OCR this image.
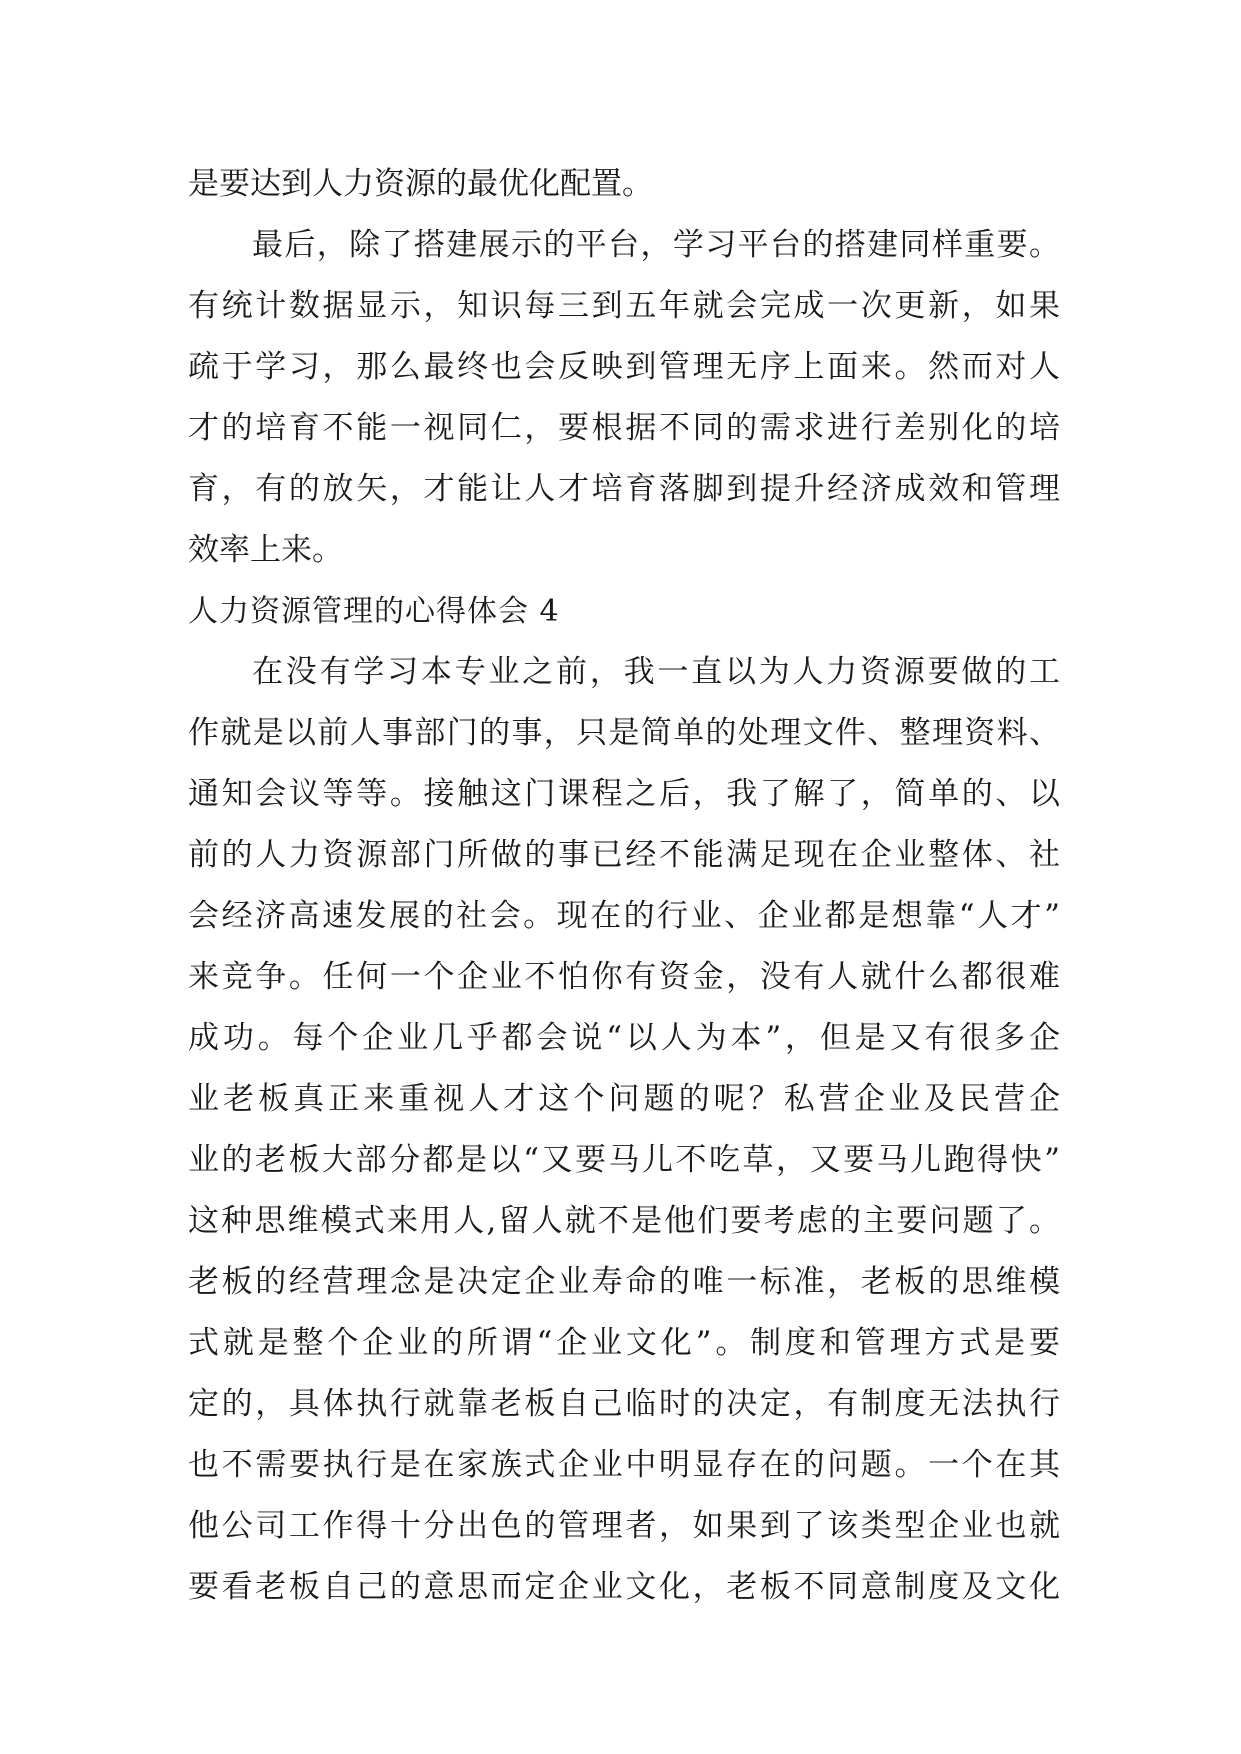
是要达到人力资源的最优化配置。
最后，除了搭建展示的平台，学习平台的搭建同样重要。
有统计数据显示，知识每三到五年就会完成一次更新，如果
疏于学习，那么最终也会反映到管理无序上面来。然而对人
才的培育不能一视同仁，要根据不同的需求进行差别化的培
育，有的放矢，才能让人才培育落脚到提升经济成效和管理
效率上来。
人力资源管理的心得体会 4
在没有学习本专业之前，我一直以为人力资源要做的工
作就是以前人事部门的事，只是简单的处理文件、整理资料、
通知会议等等。接触这门课程之后，我了解了，简单的、以
前的人力资源部门所做的事已经不能满足现在企业整体、社
会经济高速发展的社会。现在的行业、企业都是想靠“人才”
来竞争。任何一个企业不怕你有资金，没有人就什么都很难
成功。每个企业几乎都会说“以人为本”，但是又有很多企
业老板真正来重视人才这个问题的呢？私营企业及民营企
业的老板大部分都是以“又要马儿不吃草，又要马儿跑得快”
这种思维模式来用人,留人就不是他们要考虑的主要问题了。
老板的经营理念是决定企业寿命的唯一标准，老板的思维模
式就是整个企业的所谓“企业文化”。制度和管理方式是要
定的，具体执行就靠老板自己临时的决定，有制度无法执行
也不需要执行是在家族式企业中明显存在的问题。一个在其
他公司工作得十分出色的管理者，如果到了该类型企业也就
要看老板自己的意思而定企业文化，老板不同意制度及文化
